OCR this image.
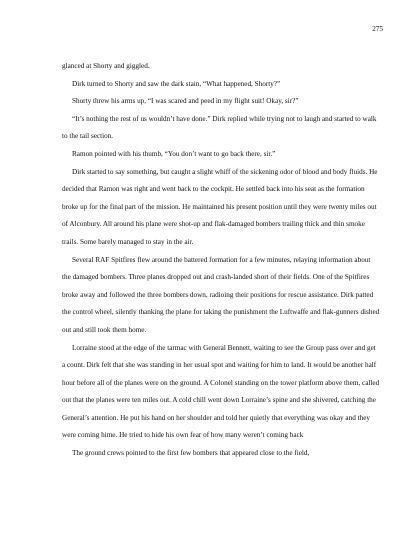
275

glanced at Shorty and giggled.

Dirk turned to Shorty and saw the dark stain, “What happened, Shorty?”

Shorty threw his arms up, “I was scared and peed in my flight suit! Okay, sir?”

“It’s nothing the rest of us wouldn’t have done.” Dirk replied while trying not to laugh and started to walk to the tail section.

Ramon pointed with his thumb, “You don’t want to go back there, sir.”

Dirk started to say something, but caught a slight whiff of the sickening odor of blood and body fluids. He decided that Ramon was right and went back to the cockpit. He settled back into his seat as the formation broke up for the final part of the mission. He maintained his present position until they were twenty miles out of Alconbury. All around his plane were shot-up and flak-damaged bombers trailing thick and thin smoke trails. Some barely managed to stay in the air.

Several RAF Spitfires flew around the battered formation for a few minutes, relaying information about the damaged bombers. Three planes dropped out and crash-landed short of their fields. One of the Spitfires broke away and followed the three bombers down, radioing their positions for rescue assistance. Dirk patted the control wheel, silently thanking the plane for taking the punishment the Luftwaffe and flak-gunners dished out and still took them home.

Lorraine stood at the edge of the tarmac with General Bennett, waiting to see the Group pass over and get a count. Dirk felt that she was standing in her usual spot and waiting for him to land. It would be another half hour before all of the planes were on the ground. A Colonel standing on the tower platform above them, called out that the planes were ten miles out. A cold chill went down Lorraine’s spine and she shivered, catching the General’s attention. He put his hand on her shoulder and told her quietly that everything was okay and they were coming hime. He tried to hide his own fear of how many weren’t coming back

The ground crews pointed to the first few bombers that appeared close to the field,
